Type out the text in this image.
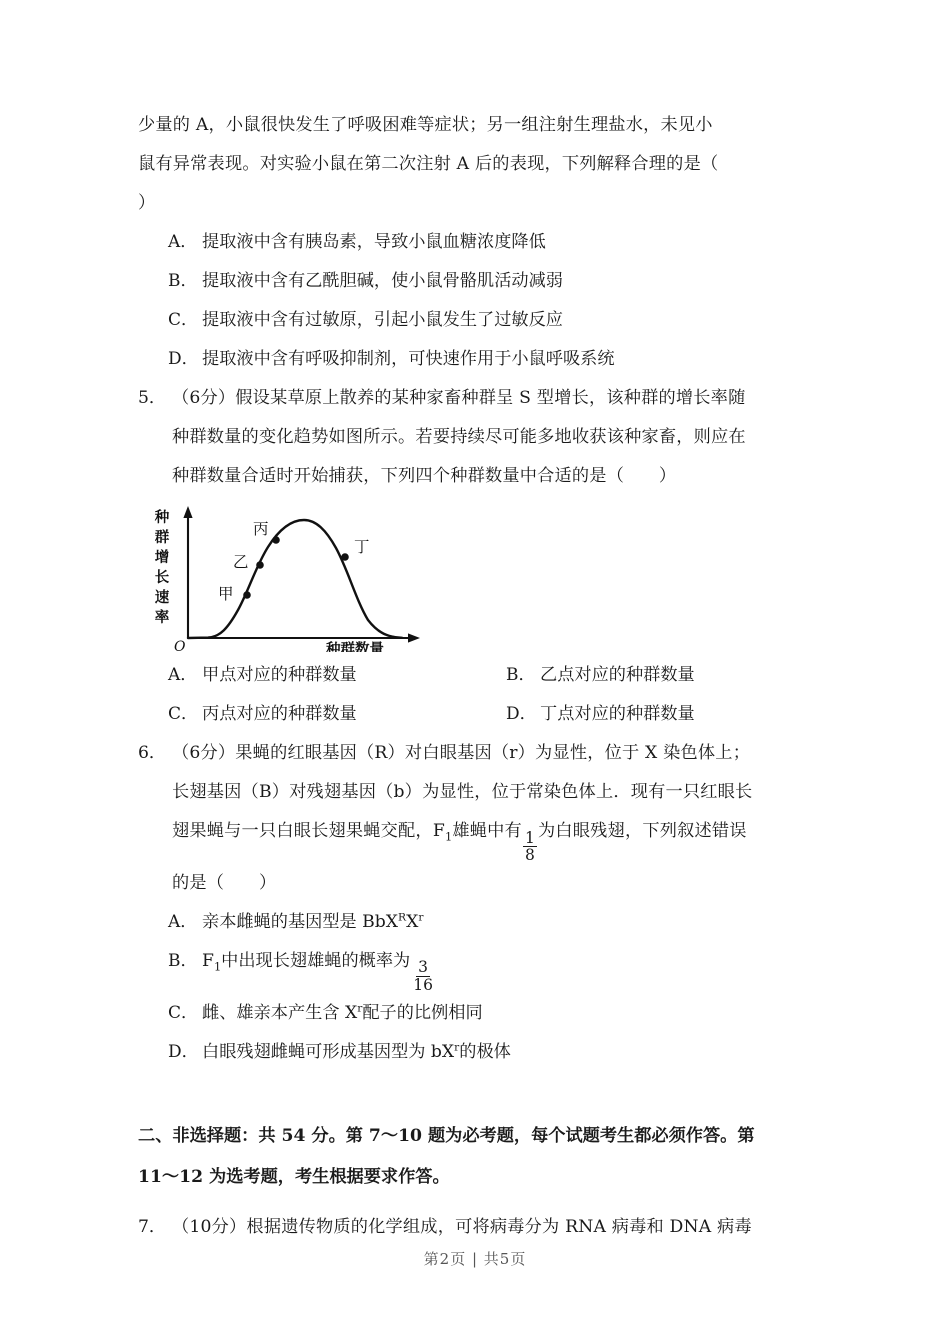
少量的 A，小鼠很快发生了呼吸困难等症状；另一组注射生理盐水，未见小
鼠有异常表现。对实验小鼠在第二次注射 A 后的表现，下列解释合理的是（
）
A． 提取液中含有胰岛素，导致小鼠血糖浓度降低
B． 提取液中含有乙酰胆碱，使小鼠骨骼肌活动减弱
C． 提取液中含有过敏原，引起小鼠发生了过敏反应
D． 提取液中含有呼吸抑制剂，可快速作用于小鼠呼吸系统
5． （6分）假设某草原上散养的某种家畜种群呈 S 型增长，该种群的增长率随
种群数量的变化趋势如图所示。若要持续尽可能多地收获该种家畜，则应在
种群数量合适时开始捕获，下列四个种群数量中合适的是（　　）
甲
乙
丙
丁
O	种群数量
种
群
增
长
速
率
A． 甲点对应的种群数量	B． 乙点对应的种群数量
C． 丙点对应的种群数量	D． 丁点对应的种群数量
6． （6分）果蝇的红眼基因（R）对白眼基因（r）为显性，位于 X 染色体上；
长翅基因（B）对残翅基因（b）为显性，位于常染色体上．现有一只红眼长
翅果蝇与一只白眼长翅果蝇交配，$F_1$雄蝇中有 $\frac{1}{8}$ 为白眼残翅，下列叙述错误
的是（　　）
A． 亲本雌蝇的基因型是 $BbX^RX^r$
B． $F_1$中出现长翅雄蝇的概率为 $\frac{3}{16}$
C． 雌、雄亲本产生含 $X^r$配子的比例相同
D． 白眼残翅雌蝇可形成基因型为 $bX^r$的极体
二、非选择题：共 54 分。第 7～10 题为必考题，每个试题考生都必须作答。第
11～12 为选考题，考生根据要求作答。
7． （10分）根据遗传物质的化学组成，可将病毒分为 RNA 病毒和 DNA 病毒
第2页 | 共5页
